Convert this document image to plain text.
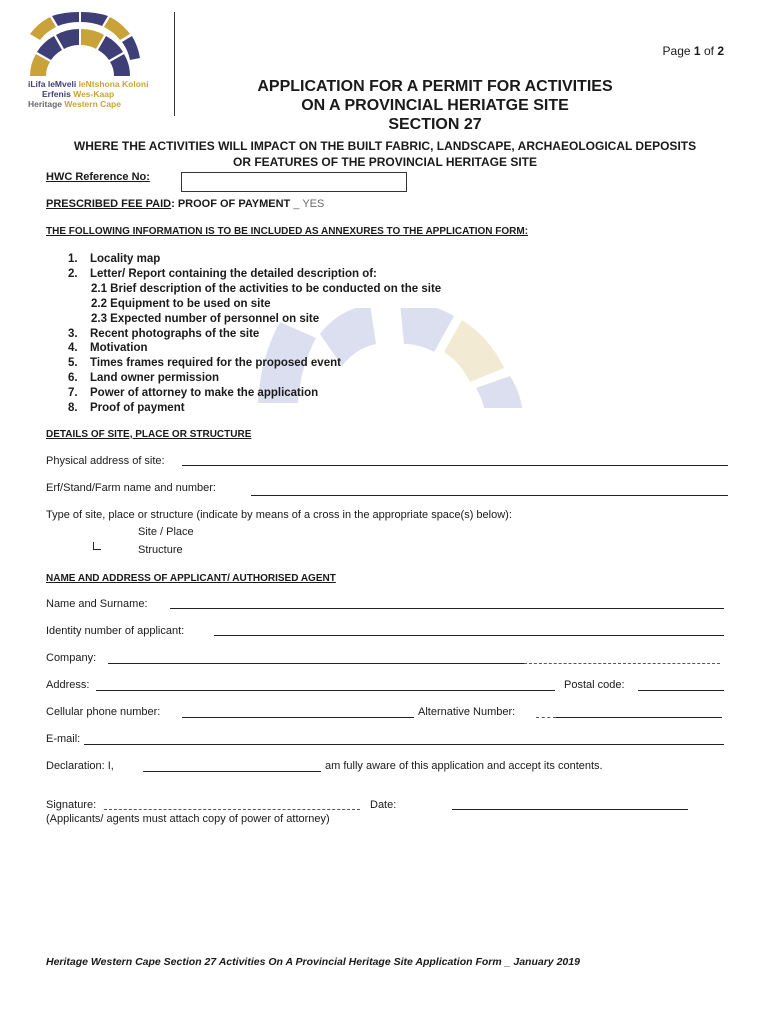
iLifa leMveli IeNtshona Koloni
Erfenis Wes-Kaap
Heritage Western Cape
Page 1 of 2
APPLICATION FOR A PERMIT FOR ACTIVITIES
ON A PROVINCIAL HERIATGE SITE
SECTION 27
WHERE THE ACTIVITIES WILL IMPACT ON THE BUILT FABRIC, LANDSCAPE, ARCHAEOLOGICAL DEPOSITS
OR FEATURES OF THE PROVINCIAL HERITAGE SITE
HWC Reference No:
PRESCRIBED FEE PAID: PROOF OF PAYMENT _ YES
THE FOLLOWING INFORMATION IS TO BE INCLUDED AS ANNEXURES TO THE APPLICATION FORM:
1.	Locality map
2.	Letter/ Report containing the detailed description of:
2.1 Brief description of the activities to be conducted on the site
2.2 Equipment to be used on site
2.3 Expected number of personnel on site
3.	Recent photographs of the site
4.	Motivation
5.	Times frames required for the proposed event
6.	Land owner permission
7.	Power of attorney to make the application
8.	Proof of payment
DETAILS OF SITE, PLACE OR STRUCTURE
Physical address of site:
Erf/Stand/Farm name and number:
Type of site, place or structure (indicate by means of a cross in the appropriate space(s) below):
Site / Place
Structure
NAME AND ADDRESS OF APPLICANT/ AUTHORISED AGENT
Name and Surname:
Identity number of applicant:
Company:
Address:	Postal code:
Cellular phone number:	Alternative Number:
E-mail:
Declaration: I,	am fully aware of this application and accept its contents.
Signature:	Date:
(Applicants/ agents must attach copy of power of attorney)
Heritage Western Cape Section 27 Activities On A Provincial Heritage Site Application Form _ January 2019
